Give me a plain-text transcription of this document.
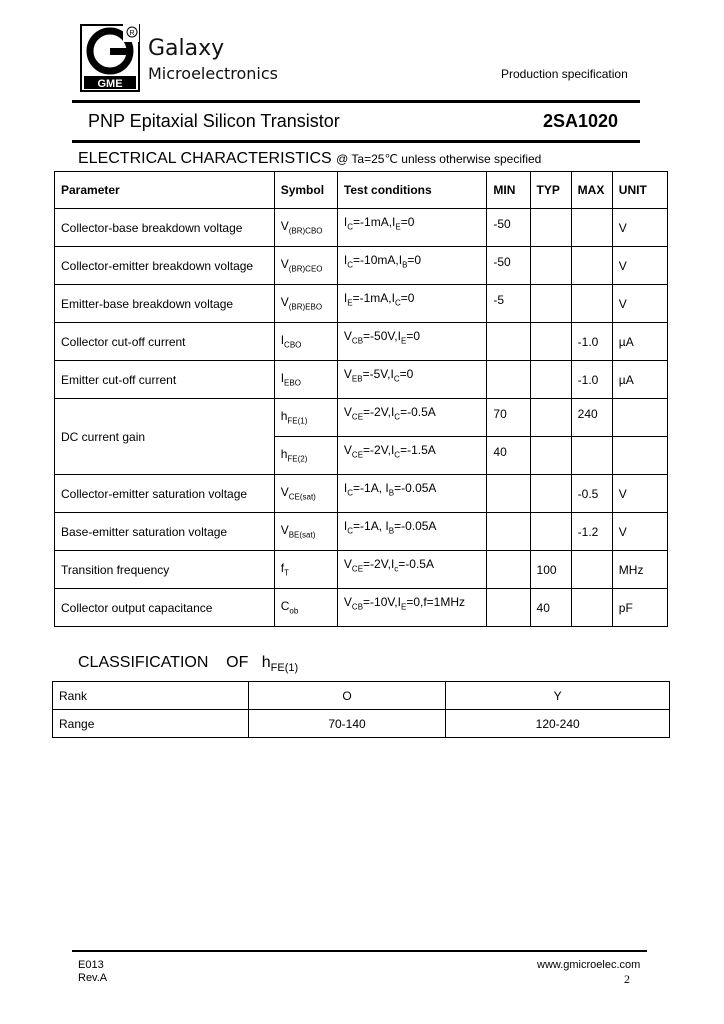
R
GME
Galaxy
Microelectronics	Production specification
PNP Epitaxial Silicon Transistor	2SA1020
ELECTRICAL CHARACTERISTICS @ Ta=25℃ unless otherwise specified
Parameter	Symbol	Test conditions	MIN	TYP	MAX	UNIT
Collector-base breakdown voltage	$V_{(BR)CBO}$	$I_C=-1mA,I_E=0$	-50			V
Collector-emitter breakdown voltage	$V_{(BR)CEO}$	$I_C=-10mA,I_B=0$	-50			V
Emitter-base breakdown voltage	$V_{(BR)EBO}$	$I_E=-1mA,I_C=0$	-5			V
Collector cut-off current	$I_{CBO}$	$V_{CB}=-50V,I_E=0$			-1.0	µA
Emitter cut-off current	$I_{EBO}$	$V_{EB}=-5V,I_C=0$			-1.0	µA
DC current gain	$h_{FE(1)}$	$V_{CE}=-2V,I_C=-0.5A$	70		240	
	$h_{FE(2)}$	$V_{CE}=-2V,I_C=-1.5A$	40			
Collector-emitter saturation voltage	$V_{CE(sat)}$	$I_C=-1A$, $I_B=-0.05A$			-0.5	V
Base-emitter saturation voltage	$V_{BE(sat)}$	$I_C=-1A$, $I_B=-0.05A$			-1.2	V
Transition frequency	$f_T$	$V_{CE}=-2V,I_c=-0.5A$		100		MHz
Collector output capacitance	$C_{ob}$	$V_{CB}=-10V,I_E=0,f=1MHz$		40		pF
CLASSIFICATION    OF $h_{FE(1)}$
Rank	O	Y
Range	70-140	120-240
E013
Rev.A
www.gmicroelec.com
2
